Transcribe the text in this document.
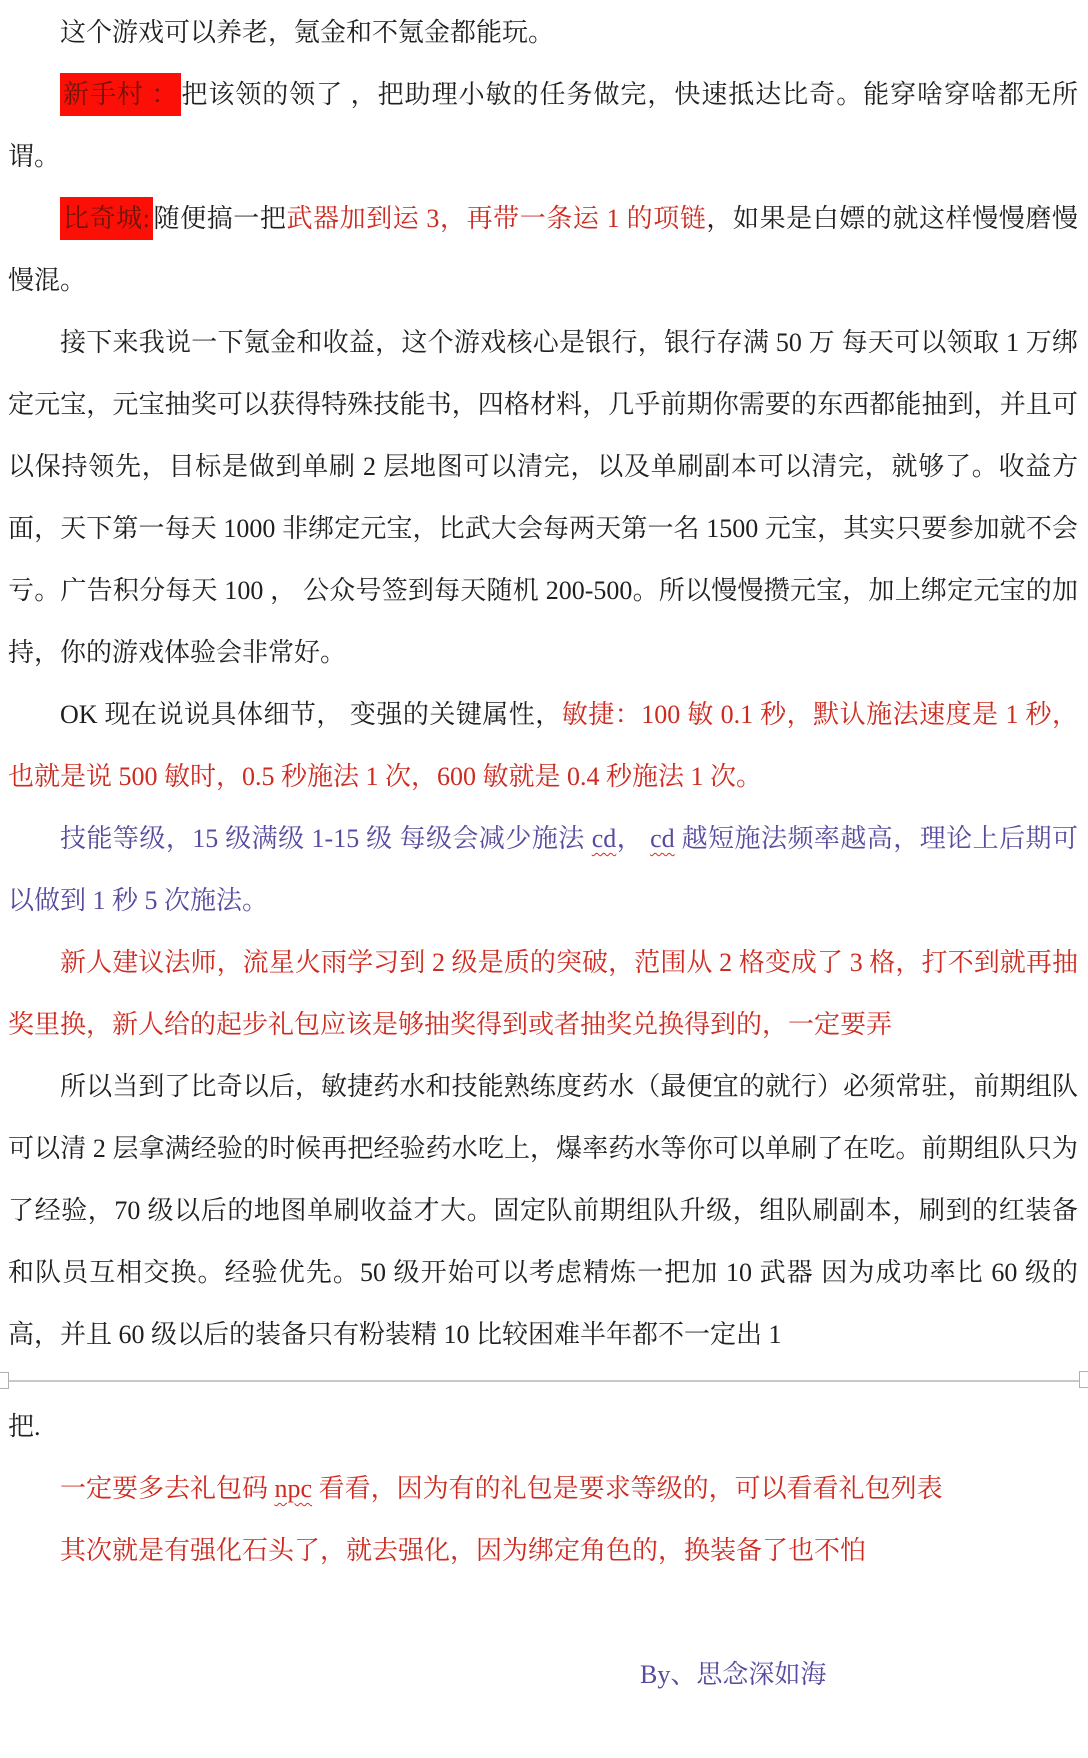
这个游戏可以养老，氪金和不氪金都能玩。

新手村 ： 把该领的领了 ，把助理小敏的任务做完，快速抵达比奇。能穿啥穿啥都无所谓。

比奇城: 随便搞一把武器加到运 3，再带一条运 1 的项链，如果是白嫖的就这样慢慢磨慢慢混。

接下来我说一下氪金和收益，这个游戏核心是银行，银行存满 50 万 每天可以领取 1 万绑定元宝，元宝抽奖可以获得特殊技能书，四格材料，几乎前期你需要的东西都能抽到，并且可以保持领先，目标是做到单刷 2 层地图可以清完，以及单刷副本可以清完，就够了。收益方面，天下第一每天 1000 非绑定元宝，比武大会每两天第一名 1500 元宝，其实只要参加就不会亏。广告积分每天 100 ， 公众号签到每天随机 200-500。所以慢慢攒元宝，加上绑定元宝的加持，你的游戏体验会非常好。

OK 现在说说具体细节， 变强的关键属性，敏捷：100 敏 0.1 秒，默认施法速度是 1 秒，也就是说 500 敏时，0.5 秒施法 1 次，600 敏就是 0.4 秒施法 1 次。

技能等级，15 级满级 1-15 级 每级会减少施法 cd， cd 越短施法频率越高，理论上后期可以做到 1 秒 5 次施法。

新人建议法师，流星火雨学习到 2 级是质的突破，范围从 2 格变成了 3 格，打不到就再抽奖里换，新人给的起步礼包应该是够抽奖得到或者抽奖兑换得到的，一定要弄

所以当到了比奇以后，敏捷药水和技能熟练度药水（最便宜的就行）必须常驻，前期组队可以清 2 层拿满经验的时候再把经验药水吃上，爆率药水等你可以单刷了在吃。前期组队只为了经验，70 级以后的地图单刷收益才大。固定队前期组队升级，组队刷副本，刷到的红装备和队员互相交换。经验优先。50 级开始可以考虑精炼一把加 10 武器 因为成功率比 60 级的高，并且 60 级以后的装备只有粉装精 10 比较困难半年都不一定出 1

把.

一定要多去礼包码 npc 看看，因为有的礼包是要求等级的，可以看看礼包列表

其次就是有强化石头了，就去强化，因为绑定角色的，换装备了也不怕

By、思念深如海
